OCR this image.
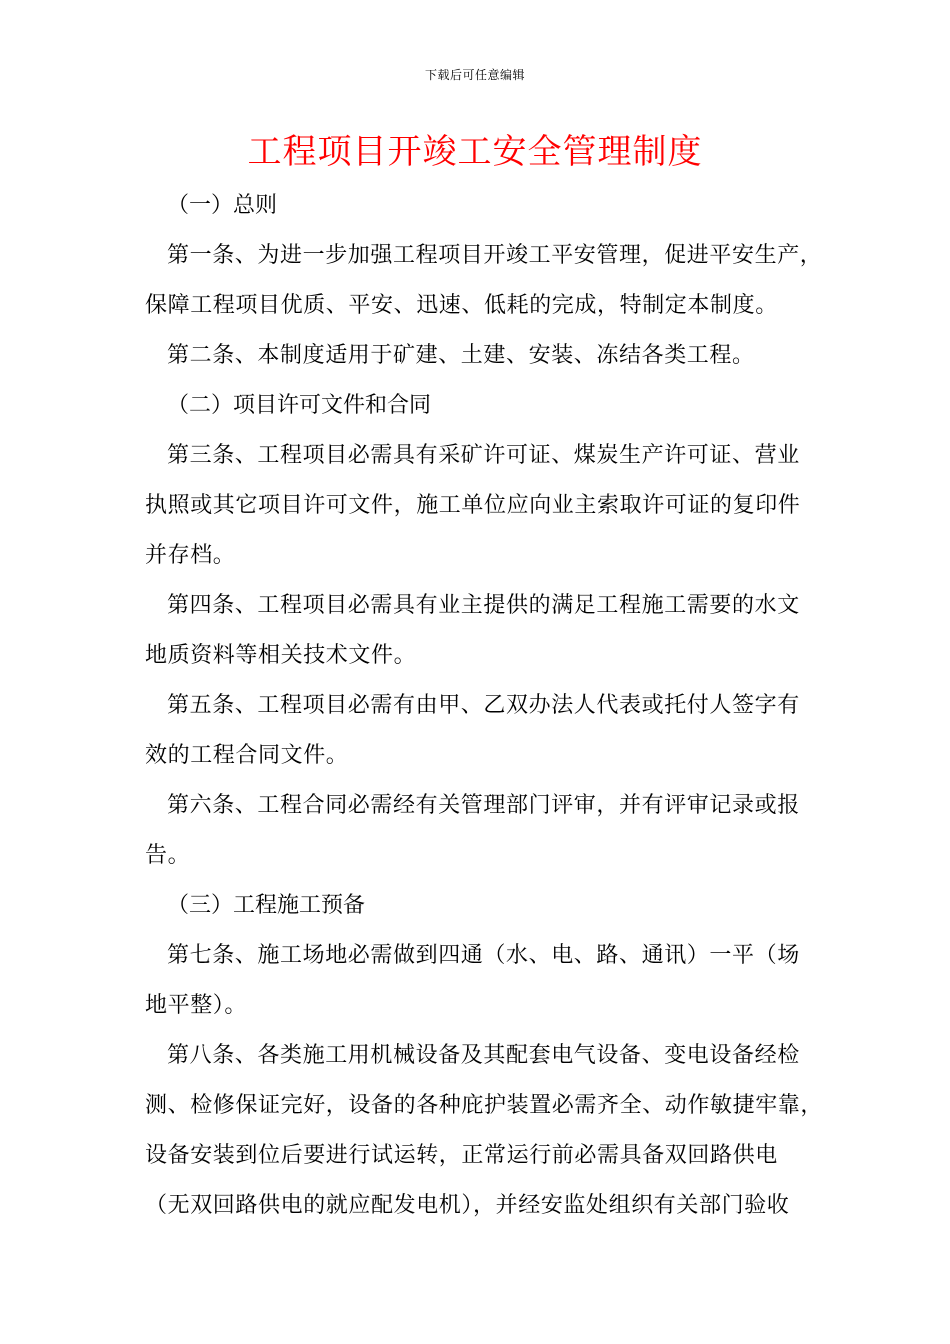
下载后可任意编辑
工程项目开竣工安全管理制度
（一）总则
第一条、为进一步加强工程项目开竣工平安管理，促进平安生产，
保障工程项目优质、平安、迅速、低耗的完成，特制定本制度。
第二条、本制度适用于矿建、土建、安装、冻结各类工程。
（二）项目许可文件和合同
第三条、工程项目必需具有采矿许可证、煤炭生产许可证、营业
执照或其它项目许可文件，施工单位应向业主索取许可证的复印件
并存档。
第四条、工程项目必需具有业主提供的满足工程施工需要的水文
地质资料等相关技术文件。
第五条、工程项目必需有由甲、乙双办法人代表或托付人签字有
效的工程合同文件。
第六条、工程合同必需经有关管理部门评审，并有评审记录或报
告。
（三）工程施工预备
第七条、施工场地必需做到四通（水、电、路、通讯）一平（场
地平整）。
第八条、各类施工用机械设备及其配套电气设备、变电设备经检
测、检修保证完好，设备的各种庇护装置必需齐全、动作敏捷牢靠，
设备安装到位后要进行试运转，正常运行前必需具备双回路供电
（无双回路供电的就应配发电机），并经安监处组织有关部门验收
